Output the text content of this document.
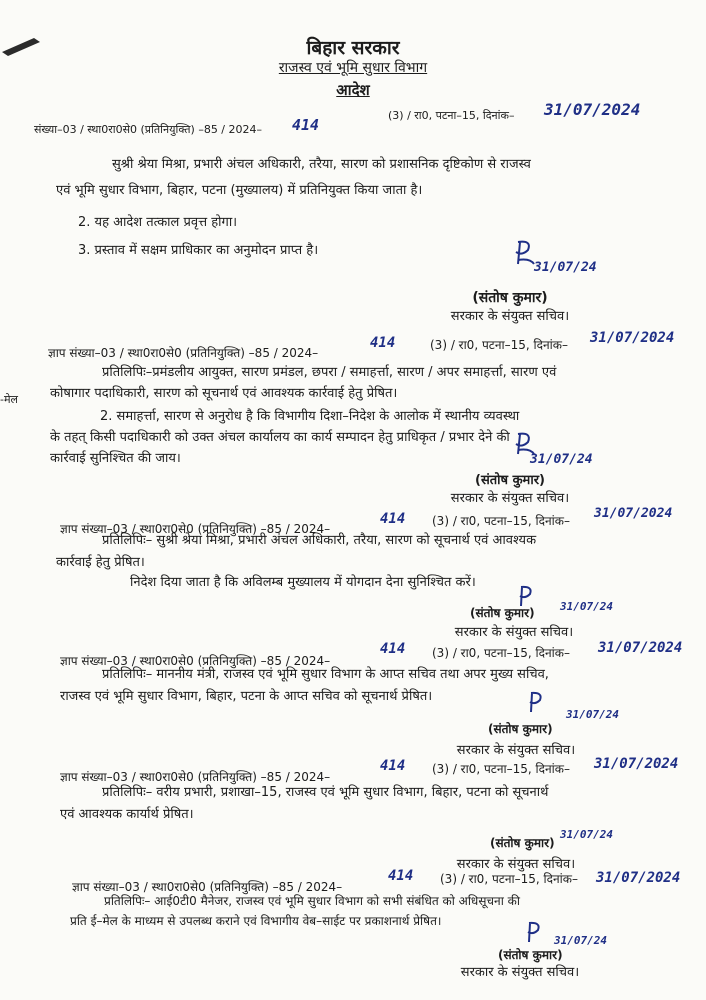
-मेल
बिहार सरकार
राजस्व एवं भूमि सुधार विभाग
आदेश
संख्या–03 / स्था0रा0से0 (प्रतिनियुक्ति) –85 / 2024– 414
(3) / रा0, पटना–15, दिनांक– 31/07/2024
सुश्री श्रेया मिश्रा, प्रभारी अंचल अधिकारी, तरैया, सारण को प्रशासनिक दृष्टिकोण से राजस्व
एवं भूमि सुधार विभाग, बिहार, पटना (मुख्यालय) में प्रतिनियुक्त किया जाता है।
2. यह आदेश तत्काल प्रवृत्त होगा।
3. प्रस्ताव में सक्षम प्राधिकार का अनुमोदन प्राप्त है।
31/07/24
(संतोष कुमार)
सरकार के संयुक्त सचिव।
ज्ञाप संख्या–03 / स्था0रा0से0 (प्रतिनियुक्ति) –85 / 2024–
414	(3) / रा0, पटना–15, दिनांक– 31/07/2024
प्रतिलिपिः–प्रमंडलीय आयुक्त, सारण प्रमंडल, छपरा / समाहर्त्ता, सारण / अपर समाहर्त्ता, सारण एवं
कोषागार पदाधिकारी, सारण को सूचनार्थ एवं आवश्यक कार्रवाई हेतु प्रेषित।
2. समाहर्त्ता, सारण से अनुरोध है कि विभागीय दिशा–निदेश के आलोक में स्थानीय व्यवस्था
के तहत् किसी पदाधिकारी को उक्त अंचल कार्यालय का कार्य सम्पादन हेतु प्राधिकृत / प्रभार देने की
कार्रवाई सुनिश्चित की जाय।	31/07/24
(संतोष कुमार)
सरकार के संयुक्त सचिव।
ज्ञाप संख्या–03 / स्था0रा0से0 (प्रतिनियुक्ति) –85 / 2024–
414 (3) / रा0, पटना–15, दिनांक– 31/07/2024
प्रतिलिपिः– सुश्री श्रेया मिश्रा, प्रभारी अंचल अधिकारी, तरैया, सारण को सूचनार्थ एवं आवश्यक
कार्रवाई हेतु प्रेषित।
निदेश दिया जाता है कि अविलम्ब मुख्यालय में योगदान देना सुनिश्चित करें।
(संतोष कुमार) 31/07/24
सरकार के संयुक्त सचिव।
ज्ञाप संख्या–03 / स्था0रा0से0 (प्रतिनियुक्ति) –85 / 2024–
414 (3) / रा0, पटना–15, दिनांक– 31/07/2024
प्रतिलिपिः– माननीय मंत्री, राजस्व एवं भूमि सुधार विभाग के आप्त सचिव तथा अपर मुख्य सचिव,
राजस्व एवं भूमि सुधार विभाग, बिहार, पटना के आप्त सचिव को सूचनार्थ प्रेषित।
(संतोष कुमार)
31/07/24
सरकार के संयुक्त सचिव।
ज्ञाप संख्या–03 / स्था0रा0से0 (प्रतिनियुक्ति) –85 / 2024–
414 (3) / रा0, पटना–15, दिनांक– 31/07/2024
प्रतिलिपिः– वरीय प्रभारी, प्रशाखा–15, राजस्व एवं भूमि सुधार विभाग, बिहार, पटना को सूचनार्थ
एवं आवश्यक कार्यार्थ प्रेषित।
(संतोष कुमार)
31/07/24
सरकार के संयुक्त सचिव।
ज्ञाप संख्या–03 / स्था0रा0से0 (प्रतिनियुक्ति) –85 / 2024–
414 (3) / रा0, पटना–15, दिनांक– 31/07/2024
प्रतिलिपिः– आई0टी0 मैनेजर, राजस्व एवं भूमि सुधार विभाग को सभी संबंधित को अधिसूचना की
प्रति ई–मेल के माध्यम से उपलब्ध कराने एवं विभागीय वेब–साईट पर प्रकाशनार्थ प्रेषित।
(संतोष कुमार)
31/07/24
सरकार के संयुक्त सचिव।
